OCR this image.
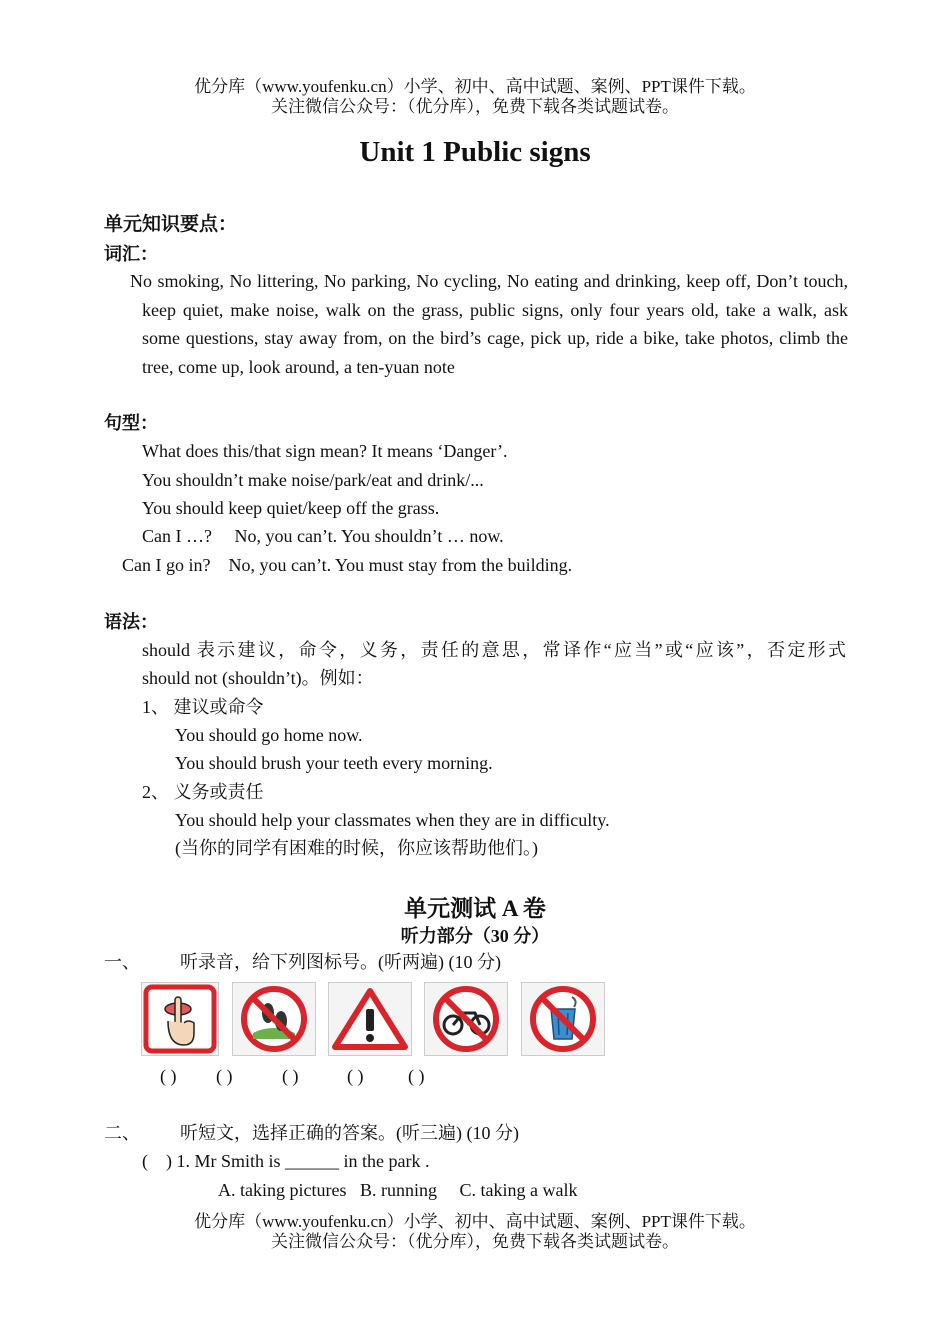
优分库（www.youfenku.cn）小学、初中、高中试题、案例、PPT课件下载。
关注微信公众号：（优分库），免费下载各类试题试卷。
Unit 1 Public signs
单元知识要点：
词汇：
No smoking, No littering, No parking, No cycling, No eating and drinking, keep off, Don’t touch, keep quiet, make noise, walk on the grass, public signs, only four years old, take a walk, ask some questions, stay away from, on the bird’s cage, pick up, ride a bike, take photos, climb the tree, come up, look around, a ten-yuan note
句型：
What does this/that sign mean? It means ‘Danger’.
You shouldn’t make noise/park/eat and drink/...
You should keep quiet/keep off the grass.
Can I …?     No, you can’t. You shouldn’t … now.
Can I go in?    No, you can’t. You must stay from the building.
语法：
should 表示建议，命令，义务，责任的意思，常译作“应当”或“应该”，否定形式
should not (shouldn’t)。例如：
1、 建议或命令
You should go home now.
You should brush your teeth every morning.
2、 义务或责任
You should help your classmates when they are in difficulty.
(当你的同学有困难的时候，你应该帮助他们。)
单元测试 A 卷
听力部分（30 分）
一、 听录音，给下列图标号。(听两遍) (10 分)
( ) ( )	( )	( ) ( )
二、 听短文，选择正确的答案。(听三遍) (10 分)
(    ) 1. Mr Smith is ______ in the park .
A. taking pictures   B. running     C. taking a walk
优分库（www.youfenku.cn）小学、初中、高中试题、案例、PPT课件下载。
关注微信公众号：（优分库），免费下载各类试题试卷。
